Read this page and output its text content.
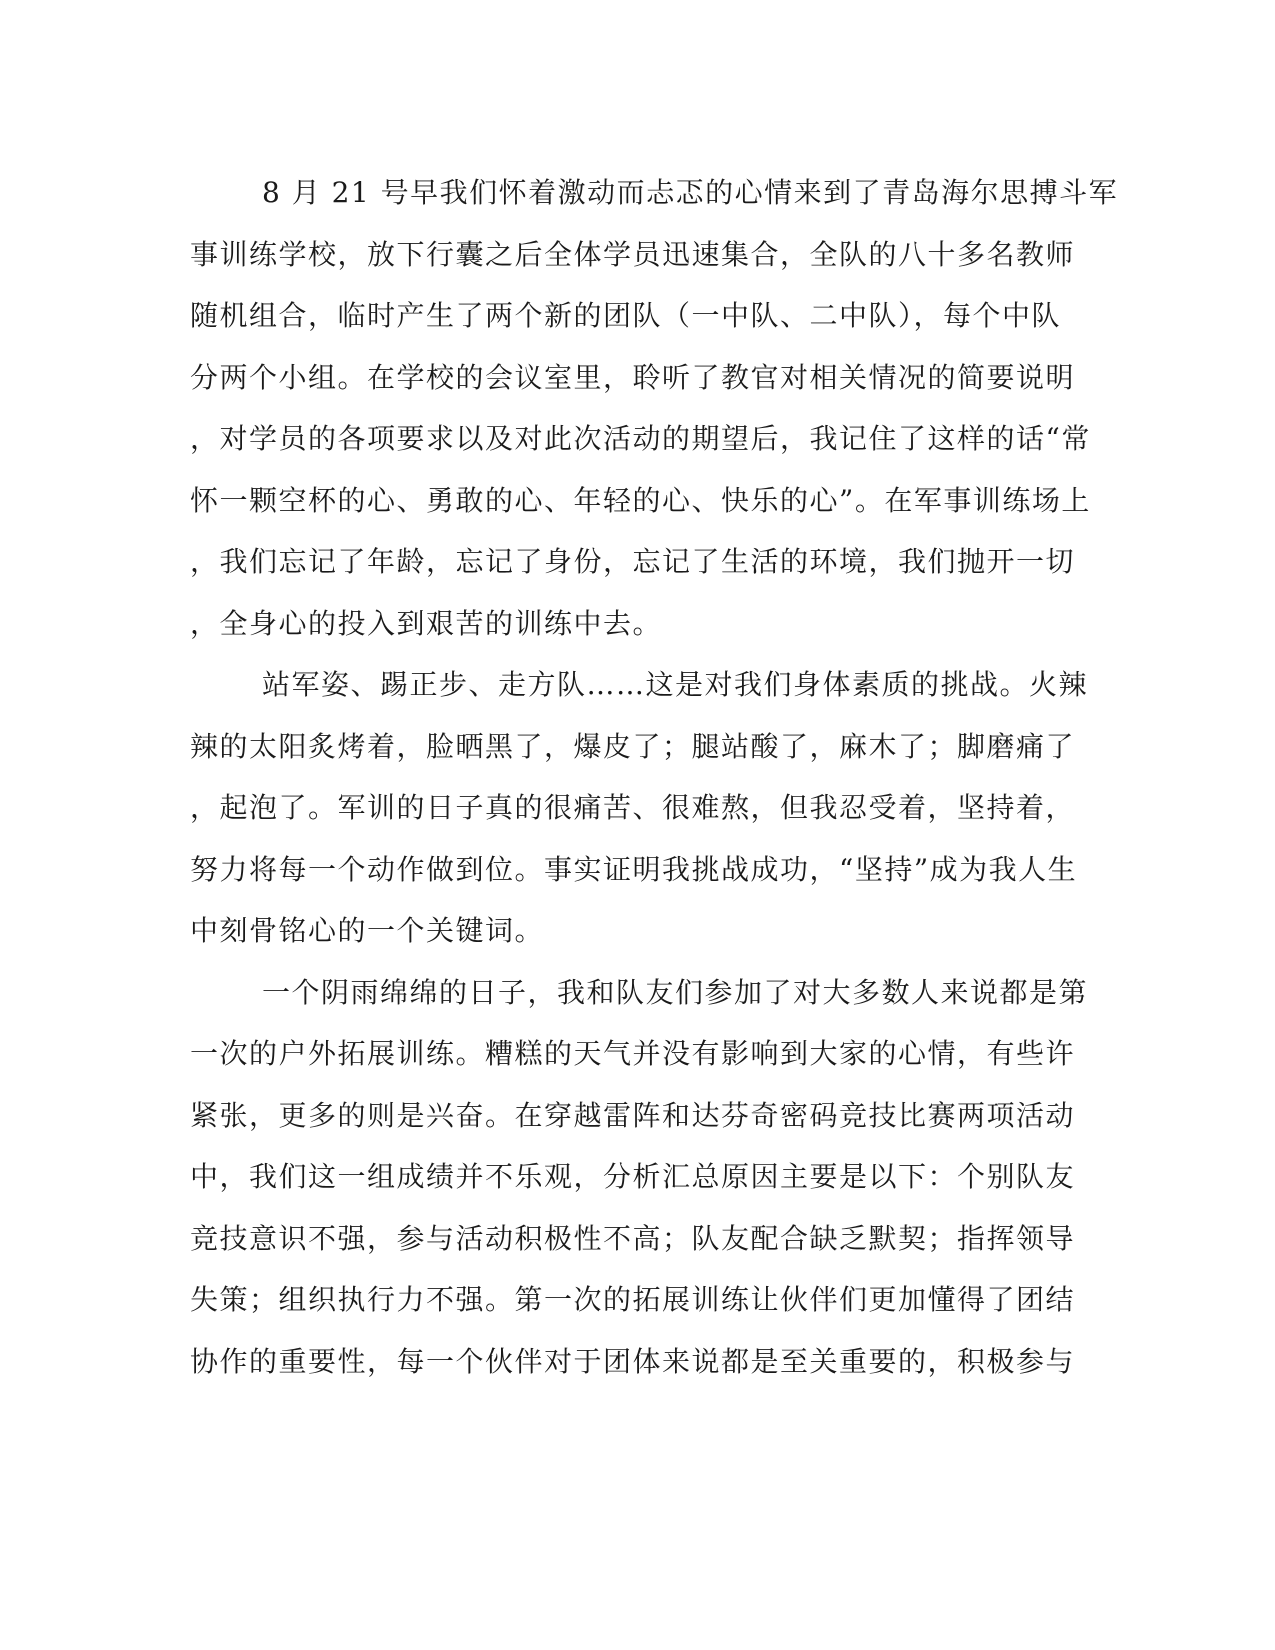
8 月 21 号早我们怀着激动而忐忑的心情来到了青岛海尔思搏斗军
事训练学校，放下行囊之后全体学员迅速集合，全队的八十多名教师
随机组合，临时产生了两个新的团队（一中队、二中队），每个中队
分两个小组。在学校的会议室里，聆听了教官对相关情况的简要说明
，对学员的各项要求以及对此次活动的期望后，我记住了这样的话“常
怀一颗空杯的心、勇敢的心、年轻的心、快乐的心”。在军事训练场上
，我们忘记了年龄，忘记了身份，忘记了生活的环境，我们抛开一切
，全身心的投入到艰苦的训练中去。
站军姿、踢正步、走方队……这是对我们身体素质的挑战。火辣
辣的太阳炙烤着，脸晒黑了，爆皮了；腿站酸了，麻木了；脚磨痛了
，起泡了。军训的日子真的很痛苦、很难熬，但我忍受着，坚持着，
努力将每一个动作做到位。事实证明我挑战成功，“坚持”成为我人生
中刻骨铭心的一个关键词。
一个阴雨绵绵的日子，我和队友们参加了对大多数人来说都是第
一次的户外拓展训练。糟糕的天气并没有影响到大家的心情，有些许
紧张，更多的则是兴奋。在穿越雷阵和达芬奇密码竞技比赛两项活动
中，我们这一组成绩并不乐观，分析汇总原因主要是以下：个别队友
竞技意识不强，参与活动积极性不高；队友配合缺乏默契；指挥领导
失策；组织执行力不强。第一次的拓展训练让伙伴们更加懂得了团结
协作的重要性，每一个伙伴对于团体来说都是至关重要的，积极参与
